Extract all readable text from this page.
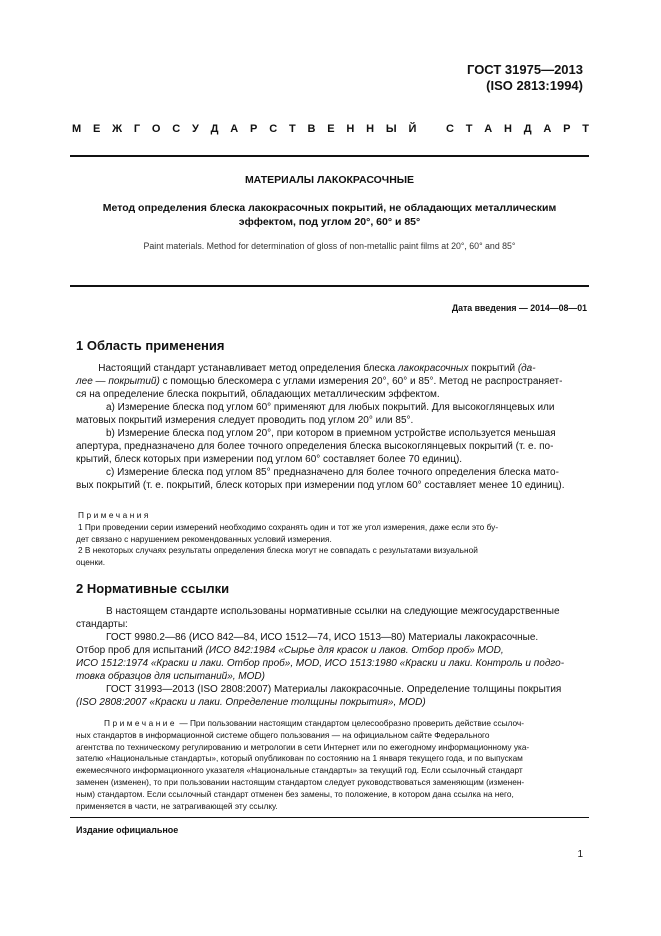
ГОСТ 31975—2013
(ISO 2813:1994)
М Е Ж Г О С У Д А Р С Т В Е Н Н Ы Й	С Т А Н Д А Р Т
МАТЕРИАЛЫ ЛАКОКРАСОЧНЫЕ
Метод определения блеска лакокрасочных покрытий, не обладающих металлическим
эффектом, под углом 20°, 60° и 85°
Paint materials. Method for determination of gloss of non-metallic paint films at 20°, 60° and 85°
Дата введения — 2014—08—01
1 Область применения

Настоящий стандарт устанавливает метод определения блеска лакокрасочных покрытий (да-

лее — покрытий) с помощью блескомера с углами измерения 20°, 60° и 85°. Метод не распространяет-

ся на определение блеска покрытий, обладающих металлическим эффектом.

а) Измерение блеска под углом 60° применяют для любых покрытий. Для высокоглянцевых или

матовых покрытий измерения следует проводить под углом 20° или 85°.

b) Измерение блеска под углом 20°, при котором в приемном устройстве используется меньшая

апертура, предназначено для более точного определения блеска высокоглянцевых покрытий (т. е. по-

крытий, блеск которых при измерении под углом 60° составляет более 70 единиц).

с) Измерение блеска под углом 85° предназначено для более точного определения блеска мато-

вых покрытий (т. е. покрытий, блеск которых при измерении под углом 60° составляет менее 10 единиц).

Примечания

1 При проведении серии измерений необходимо сохранять один и тот же угол измерения, даже если это бу-

дет связано с нарушением рекомендованных условий измерения.

2 В некоторых случаях результаты определения блеска могут не совпадать с результатами визуальной

оценки.

2 Нормативные ссылки

В настоящем стандарте использованы нормативные ссылки на следующие межгосударственные

стандарты:

ГОСТ 9980.2—86 (ИСО 842—84, ИСО 1512—74, ИСО 1513—80) Материалы лакокрасочные.

Отбор проб для испытаний (ИСО 842:1984 «Сырье для красок и лаков. Отбор проб» MOD,

ИСО 1512:1974 «Краски и лаки. Отбор проб», MOD, ИСО 1513:1980 «Краски и лаки. Контроль и подго-

товка образцов для испытаний», MOD)

ГОСТ 31993—2013 (ISO 2808:2007) Материалы лакокрасочные. Определение толщины покрытия

(ISO 2808:2007 «Краски и лаки. Определение толщины покрытия», MOD)

Примечание — При пользовании настоящим стандартом целесообразно проверить действие ссылоч-

ных стандартов в информационной системе общего пользования — на официальном сайте Федерального

агентства по техническому регулированию и метрологии в сети Интернет или по ежегодному информационному ука-

зателю «Национальные стандарты», который опубликован по состоянию на 1 января текущего года, и по выпускам

ежемесячного информационного указателя «Национальные стандарты» за текущий год. Если ссылочный стандарт

заменен (изменен), то при пользовании настоящим стандартом следует руководствоваться заменяющим (изменен-

ным) стандартом. Если ссылочный стандарт отменен без замены, то положение, в котором дана ссылка на него,

применяется в части, не затрагивающей эту ссылку.

Издание официальное
1
